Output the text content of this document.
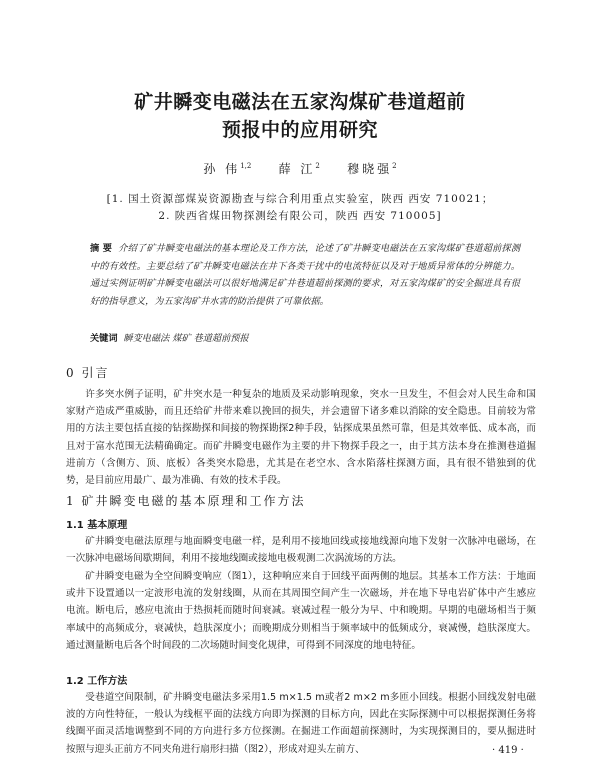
矿井瞬变电磁法在五家沟煤矿巷道超前
预报中的应用研究
孙 伟$^{1,2}$ 薛 江$^2$ 穆晓强$^2$
[1. 国土资源部煤炭资源勘查与综合利用重点实验室，陕西 西安 710021；
2. 陕西省煤田物探测绘有限公司，陕西 西安 710005]
摘 要 介绍了矿井瞬变电磁法的基本理论及工作方法，论述了矿井瞬变电磁法在五家沟煤矿巷道超前探测中的有效性。主要总结了矿井瞬变电磁法在井下各类干扰中的电流特征以及对于地质异常体的分辨能力。通过实例证明矿井瞬变电磁法可以很好地满足矿井巷道超前探测的要求，对五家沟煤矿的安全掘进具有很好的指导意义，为五家沟矿井水害的防治提供了可靠依据。
关键词 瞬变电磁法 煤矿 巷道超前预报
0 引言
许多突水例子证明，矿井突水是一种复杂的地质及采动影响现象，突水一旦发生，不但会对人民生命和国家财产造成严重威胁，而且还给矿井带来难以挽回的损失，并会遗留下诸多难以消除的安全隐患。目前较为常用的方法主要包括直接的钻探勘探和间接的物探勘探2种手段，钻探成果虽然可靠，但是其效率低、成本高，而且对于富水范围无法精确确定。而矿井瞬变电磁作为主要的井下物探手段之一，由于其方法本身在推测巷道掘进前方（含侧方、顶、底板）各类突水隐患，尤其是在老空水、含水陷落柱探测方面，具有很不错独到的优势，是目前应用最广、最为准确、有效的技术手段。
1 矿井瞬变电磁的基本原理和工作方法
1.1 基本原理
矿井瞬变电磁法原理与地面瞬变电磁一样，是利用不接地回线或接地线源向地下发射一次脉冲电磁场，在一次脉冲电磁场间歇期间，利用不接地线圈或接地电极观测二次涡流场的方法。
矿井瞬变电磁为全空间瞬变响应（图1），这种响应来自于回线平面两侧的地层。其基本工作方法：于地面或井下设置通以一定波形电流的发射线圈，从而在其周围空间产生一次磁场，并在地下导电岩矿体中产生感应电流。断电后，感应电流由于热损耗而随时间衰减。衰减过程一般分为早、中和晚期。早期的电磁场相当于频率域中的高频成分，衰减快，趋肤深度小；而晚期成分则相当于频率域中的低频成分，衰减慢，趋肤深度大。通过测量断电后各个时间段的二次场随时间变化规律，可得到不同深度的地电特征。
1.2 工作方法
受巷道空间限制，矿井瞬变电磁法多采用1.5 m×1.5 m或者2 m×2 m多匝小回线。根据小回线发射电磁波的方向性特征，一般认为线框平面的法线方向即为探测的目标方向，因此在实际探测中可以根据探测任务将线圈平面灵活地调整到不同的方向进行多方位探测。在掘进工作面超前探测时，为实现探测目的，要从掘进时按照与迎头正前方不同夹角进行扇形扫描（图2），形成对迎头左前方、	· 419 ·
